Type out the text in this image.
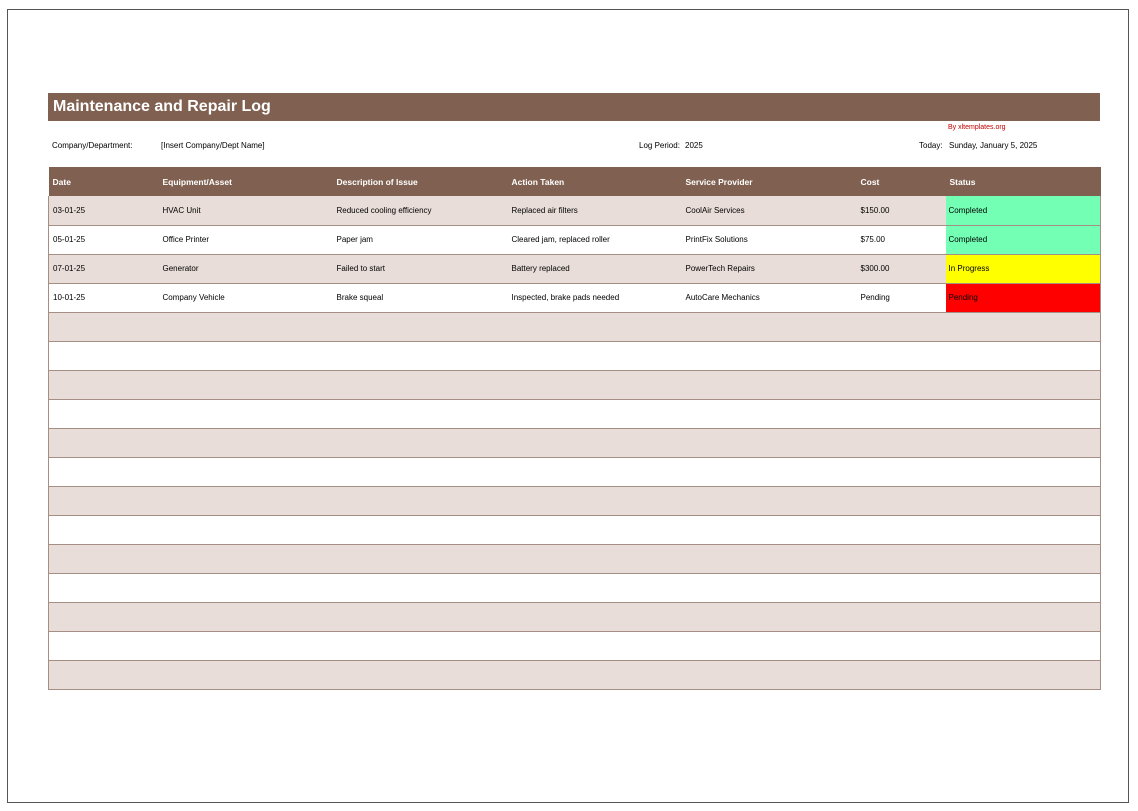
Maintenance and Repair Log
By xltemplates.org
Company/Department:	[Insert Company/Dept Name]	Log Period: 2025	Today: Sunday, January 5, 2025
Date	Equipment/Asset	Description of Issue	Action Taken	Service Provider	Cost	Status
03-01-25	HVAC Unit	Reduced cooling efficiency	Replaced air filters	CoolAir Services	$150.00	Completed
05-01-25	Office Printer	Paper jam	Cleared jam, replaced roller	PrintFix Solutions	$75.00	Completed
07-01-25	Generator	Failed to start	Battery replaced	PowerTech Repairs	$300.00	In Progress
10-01-25	Company Vehicle	Brake squeal	Inspected, brake pads needed	AutoCare Mechanics	Pending	Pending
